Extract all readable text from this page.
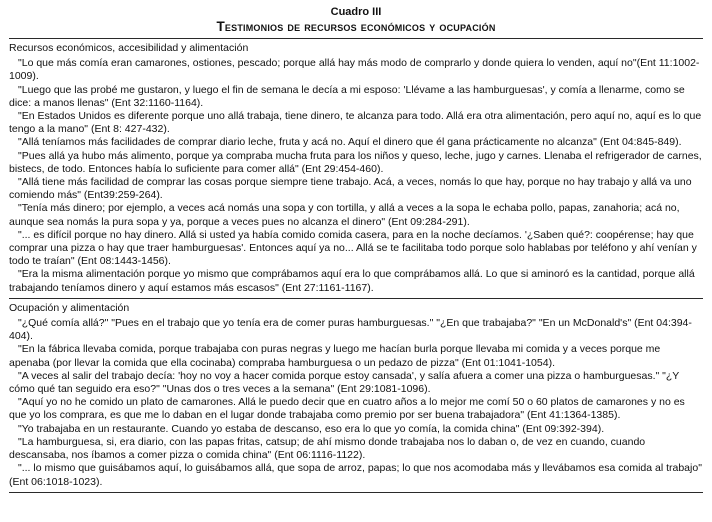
Cuadro III
Testimonios de recursos económicos y ocupación
Recursos económicos, accesibilidad y alimentación

"Lo que más comía eran camarones, ostiones, pescado; porque allá hay más modo de comprarlo y donde quiera lo venden, aquí no"(Ent 11:1002-1009).

"Luego que las probé me gustaron, y luego el fin de semana le decía a mi esposo: 'Llévame a las hamburguesas', y comía a llenarme, como se dice: a manos llenas" (Ent 32:1160-1164).

"En Estados Unidos es diferente porque uno allá trabaja, tiene dinero, te alcanza para todo. Allá era otra alimentación, pero aquí no, aquí es lo que tengo a la mano" (Ent 8: 427-432).

"Allá teníamos más facilidades de comprar diario leche, fruta y acá no. Aquí el dinero que él gana prácticamente no alcanza" (Ent 04:845-849).

"Pues allá ya hubo más alimento, porque ya compraba mucha fruta para los niños y queso, leche, jugo y carnes. Llenaba el refrigerador de carnes, bistecs, de todo. Entonces había lo suficiente para comer allá" (Ent 29:454-460).

"Allá tiene más facilidad de comprar las cosas porque siempre tiene trabajo. Acá, a veces, nomás lo que hay, porque no hay trabajo y allá va uno comiendo más" (Ent39:259-264).

"Tenía más dinero; por ejemplo, a veces acá nomás una sopa y con tortilla, y allá a veces a la sopa le echaba pollo, papas, zanahoria; acá no, aunque sea nomás la pura sopa y ya, porque a veces pues no alcanza el dinero" (Ent 09:284-291).

"... es difícil porque no hay dinero. Allá si usted ya había comido comida casera, para en la noche decíamos. '¿Saben qué?: coopérense; hay que comprar una pizza o hay que traer hamburguesas'. Entonces aquí ya no... Allá se te facilitaba todo porque solo hablabas por teléfono y ahí venían y todo te traían" (Ent 08:1443-1456).

"Era la misma alimentación porque yo mismo que comprábamos aquí era lo que comprábamos allá. Lo que si aminoró es la cantidad, porque allá trabajando teníamos dinero y aquí estamos más escasos" (Ent 27:1161-1167).

Ocupación y alimentación

"¿Qué comía allá?" "Pues en el trabajo que yo tenía era de comer puras hamburguesas." "¿En que trabajaba?" "En un McDonald's" (Ent 04:394-404).

"En la fábrica llevaba comida, porque trabajaba con puras negras y luego me hacían burla porque llevaba mi comida y a veces porque me apenaba (por llevar la comida que ella cocinaba) compraba hamburguesa o un pedazo de pizza" (Ent 01:1041-1054).

"A veces al salir del trabajo decía: 'hoy no voy a hacer comida porque estoy cansada', y salía afuera a comer una pizza o hamburguesas." "¿Y cómo qué tan seguido era eso?" "Unas dos o tres veces a la semana" (Ent 29:1081-1096).

"Aquí yo no he comido un plato de camarones. Allá le puedo decir que en cuatro años a lo mejor me comí 50 o 60 platos de camarones y no es que yo los comprara, es que me lo daban en el lugar donde trabajaba como premio por ser buena trabajadora" (Ent 41:1364-1385).

"Yo trabajaba en un restaurante. Cuando yo estaba de descanso, eso era lo que yo comía, la comida china" (Ent 09:392-394).

"La hamburguesa, si, era diario, con las papas fritas, catsup; de ahí mismo donde trabajaba nos lo daban o, de vez en cuando, cuando descansaba, nos íbamos a comer pizza o comida china" (Ent 06:1116-1122).

"... lo mismo que guisábamos aquí, lo guisábamos allá, que sopa de arroz, papas; lo que nos acomodaba más y llevábamos esa comida al trabajo" (Ent 06:1018-1023).
